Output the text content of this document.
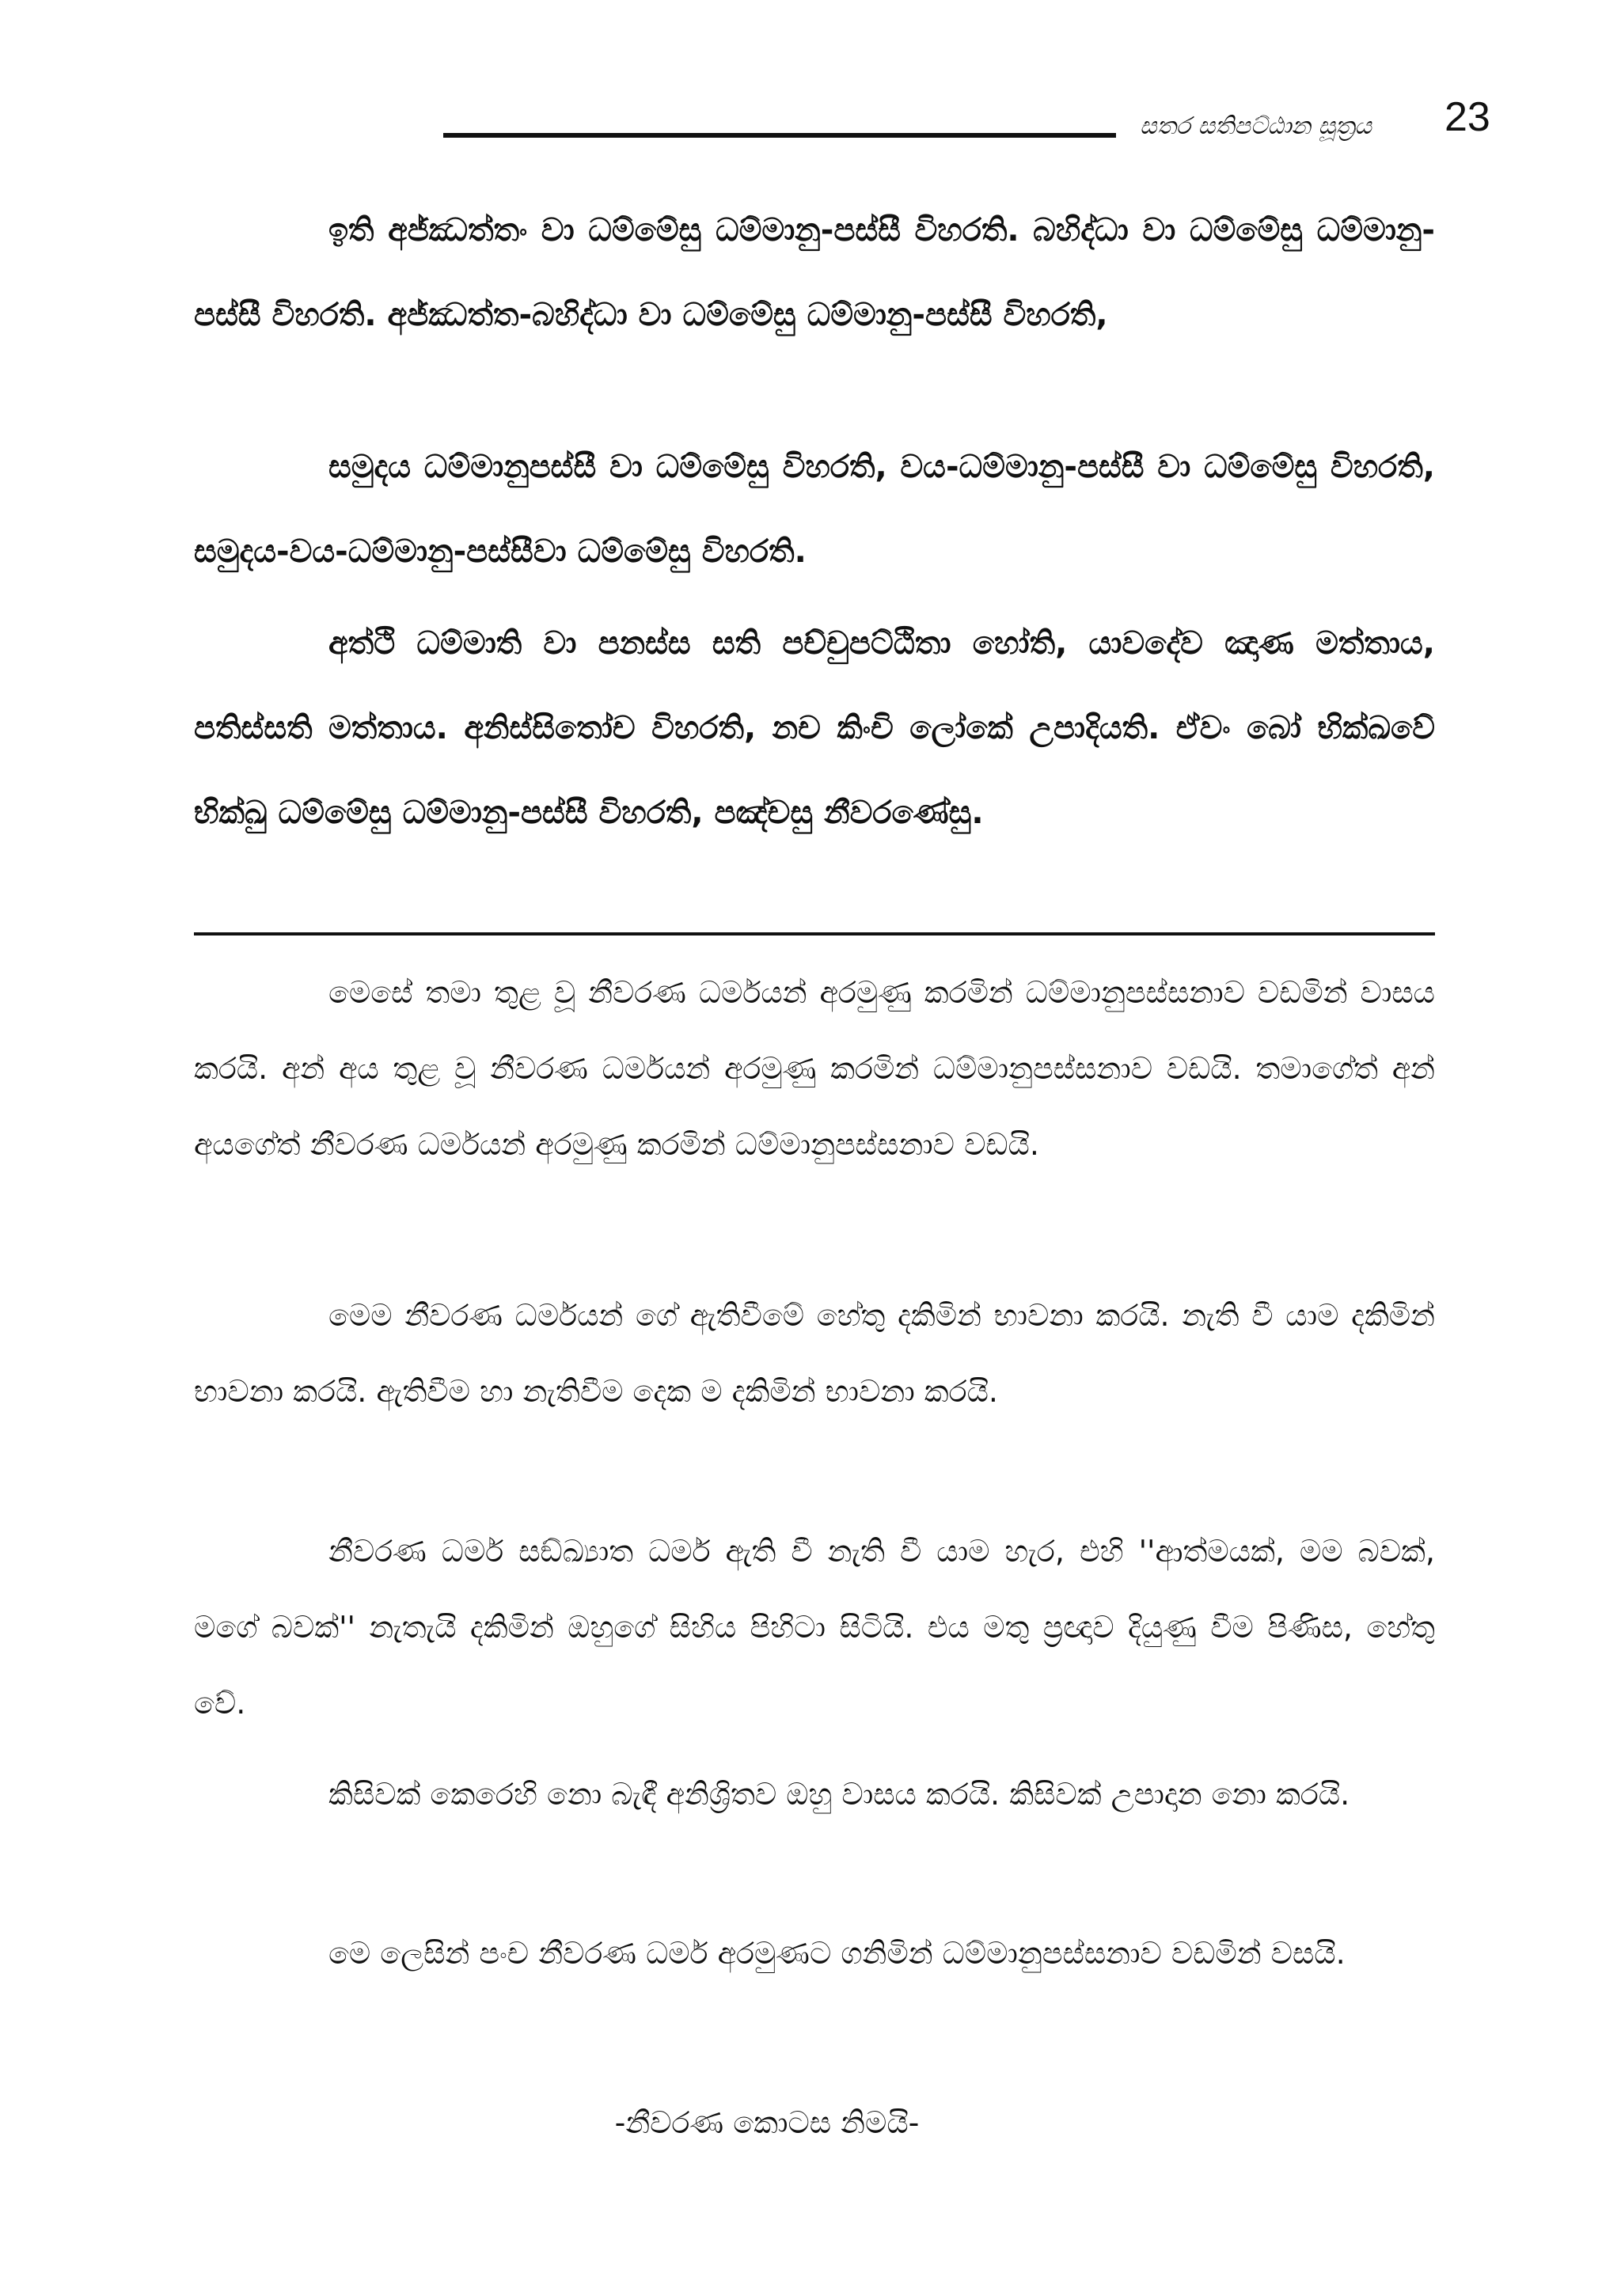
සතර සතිපට්ඨාන සූත්‍රය 23

ඉති අජ්ඣත්තං වා ධම්මේසු ධම්මානු-පස්සී විහරති. බහිද්ධා වා ධම්මේසු ධම්මානු-පස්සී විහරති. අජ්ඣත්ත-බහිද්ධා වා ධම්මේසු ධම්මානු-පස්සී විහරති,

සමුදය ධම්මානුපස්සී වා ධම්මේසු විහරති, වය-ධම්මානු-පස්සී වා ධම්මේසු විහරති, සමුදය-වය-ධම්මානු-පස්සීවා ධම්මේසු විහරති.

අත්ථි ධම්මාති වා පනස්ස සති පච්චුපට්ඨිතා හෝති, යාවදේව ඤාණ මත්තාය, පතිස්සති මත්තාය. අනිස්සිතෝච විහරති, නච කිංචි ලෝකේ උපාදියති. ඒවං බෝ භික්ඛවේ භික්ඛු ධම්මේසු ධම්මානු-පස්සී විහරති, පඤ්චසු නීවරණේසු.

මෙසේ තමා තුළ වූ නීවරණ ධර්මයන් අරමුණු කරමින් ධම්මානුපස්සනාව වඩමින් වාසය කරයි. අන් අය තුළ වූ නීවරණ ධර්මයන් අරමුණු කරමින් ධම්මානුපස්සනාව වඩයි. තමාගේත් අන් අයගේත් නීවරණ ධර්මයන් අරමුණු කරමින් ධම්මානුපස්සනාව වඩයි.

මෙම නීවරණ ධර්මයන් ගේ ඇතිවීමේ හේතු දකිමින් භාවනා කරයි. නැති වී යාම දකිමින් භාවනා කරයි. ඇතිවීම හා නැතිවීම දෙක ම දකිමින් භාවනා කරයි.

නීවරණ ධර්ම සඞ්ඛ්‍යාත ධර්ම ඇති වී නැති වී යාම හැර, එහි ''ආත්මයක්, මම බවක්, මගේ බවක්'' නැතැයි දකිමින් ඔහුගේ සිහිය පිහිටා සිටියි. එය මතු ප්‍රඥාව දියුණු වීම පිණිස, හේතු වේ.

කිසිවක් කෙරෙහි නො බැඳී අනිශ්‍රිතව ඔහු වාසය කරයි. කිසිවක් උපාදාන නො කරයි.

මෙ ලෙසින් පංච නීවරණ ධර්ම අරමුණට ගනිමින් ධම්මානුපස්සනාව වඩමින් වසයි.

-නීවරණ කොටස නිමයි-
